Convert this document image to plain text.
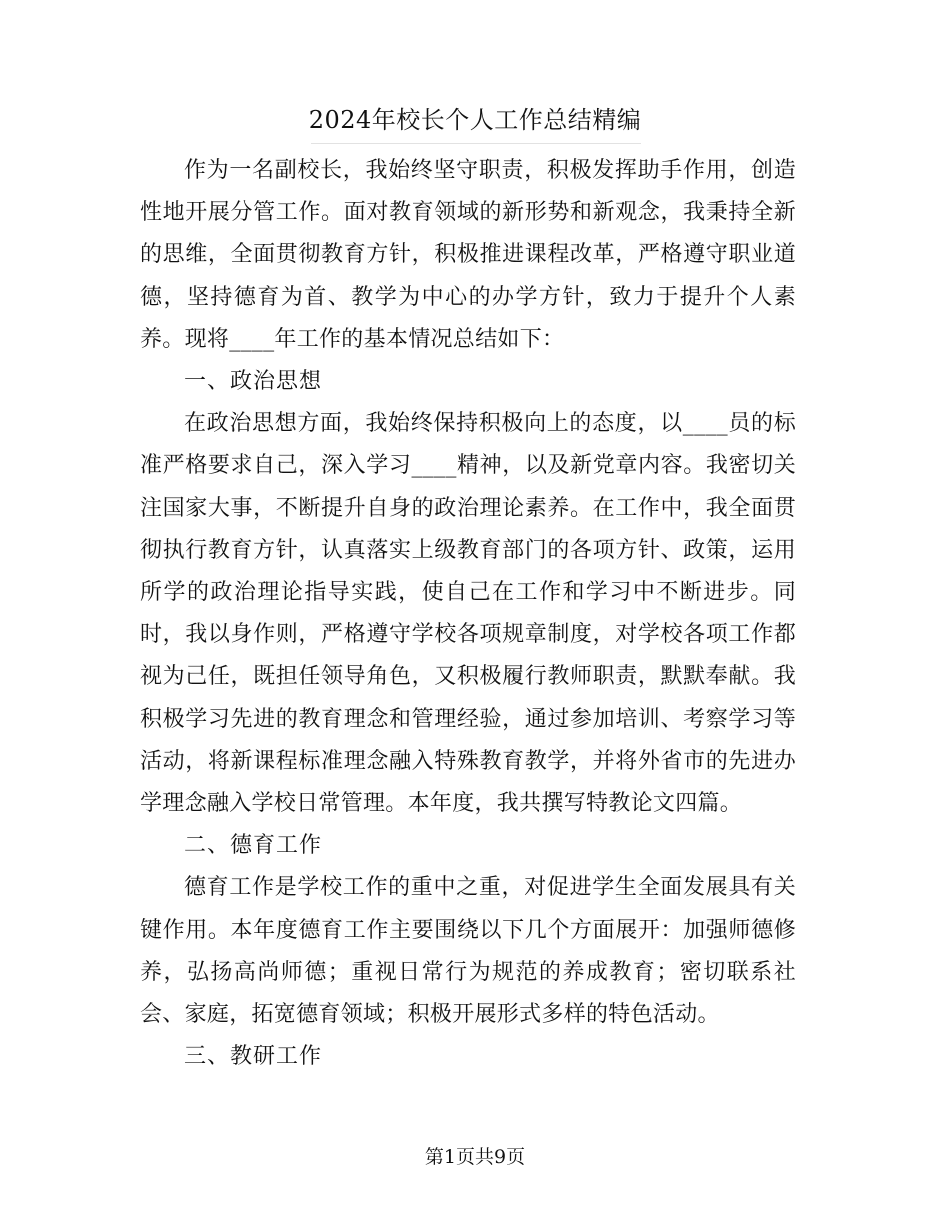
2024年校长个人工作总结精编

作为一名副校长，我始终坚守职责，积极发挥助手作用，创造性地开展分管工作。面对教育领域的新形势和新观念，我秉持全新的思维，全面贯彻教育方针，积极推进课程改革，严格遵守职业道德，坚持德育为首、教学为中心的办学方针，致力于提升个人素养。现将____年工作的基本情况总结如下：

一、政治思想

在政治思想方面，我始终保持积极向上的态度，以____员的标准严格要求自己，深入学习____精神，以及新党章内容。我密切关注国家大事，不断提升自身的政治理论素养。在工作中，我全面贯彻执行教育方针，认真落实上级教育部门的各项方针、政策，运用所学的政治理论指导实践，使自己在工作和学习中不断进步。同时，我以身作则，严格遵守学校各项规章制度，对学校各项工作都视为己任，既担任领导角色，又积极履行教师职责，默默奉献。我积极学习先进的教育理念和管理经验，通过参加培训、考察学习等活动，将新课程标准理念融入特殊教育教学，并将外省市的先进办学理念融入学校日常管理。本年度，我共撰写特教论文四篇。

二、德育工作

德育工作是学校工作的重中之重，对促进学生全面发展具有关键作用。本年度德育工作主要围绕以下几个方面展开：加强师德修养，弘扬高尚师德；重视日常行为规范的养成教育；密切联系社会、家庭，拓宽德育领域；积极开展形式多样的特色活动。

三、教研工作

第1页共9页
